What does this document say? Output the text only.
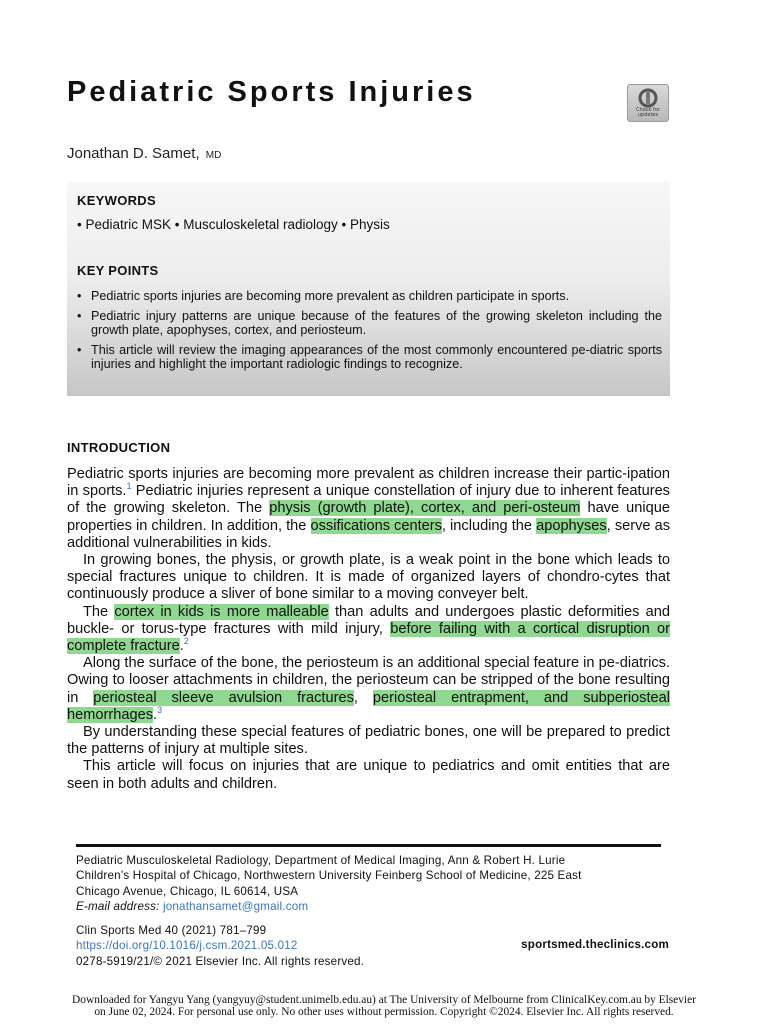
Pediatric Sports Injuries
Check for
updates
Jonathan D. Samet, MD
KEYWORDS
• Pediatric MSK • Musculoskeletal radiology • Physis
KEY POINTS
• Pediatric sports injuries are becoming more prevalent as children participate in sports.
• Pediatric injury patterns are unique because of the features of the growing skeleton including the growth plate, apophyses, cortex, and periosteum.
• This article will review the imaging appearances of the most commonly encountered pe-diatric sports injuries and highlight the important radiologic findings to recognize.
INTRODUCTION

Pediatric sports injuries are becoming more prevalent as children increase their partic-ipation in sports.$^1$ Pediatric injuries represent a unique constellation of injury due to inherent features of the growing skeleton. The physis (growth plate), cortex, and peri-osteum have unique properties in children. In addition, the ossifications centers, including the apophyses, serve as additional vulnerabilities in kids.

In growing bones, the physis, or growth plate, is a weak point in the bone which leads to special fractures unique to children. It is made of organized layers of chondro-cytes that continuously produce a sliver of bone similar to a moving conveyer belt.

The cortex in kids is more malleable than adults and undergoes plastic deformities and buckle- or torus-type fractures with mild injury, before failing with a cortical disruption or complete fracture.$^2$

Along the surface of the bone, the periosteum is an additional special feature in pe-diatrics. Owing to looser attachments in children, the periosteum can be stripped of the bone resulting in periosteal sleeve avulsion fractures, periosteal entrapment, and subperiosteal hemorrhages.$^3$

By understanding these special features of pediatric bones, one will be prepared to predict the patterns of injury at multiple sites.

This article will focus on injuries that are unique to pediatrics and omit entities that are seen in both adults and children.

Pediatric Musculoskeletal Radiology, Department of Medical Imaging, Ann & Robert H. Lurie
Children’s Hospital of Chicago, Northwestern University Feinberg School of Medicine, 225 East
Chicago Avenue, Chicago, IL 60614, USA
E-mail address: jonathansamet@gmail.com
Clin Sports Med 40 (2021) 781–799
https://doi.org/10.1016/j.csm.2021.05.012
0278-5919/21/© 2021 Elsevier Inc. All rights reserved.
sportsmed.theclinics.com
Downloaded for Yangyu Yang (yangyuy@student.unimelb.edu.au) at The University of Melbourne from ClinicalKey.com.au by Elsevier
on June 02, 2024. For personal use only. No other uses without permission. Copyright ©2024. Elsevier Inc. All rights reserved.
